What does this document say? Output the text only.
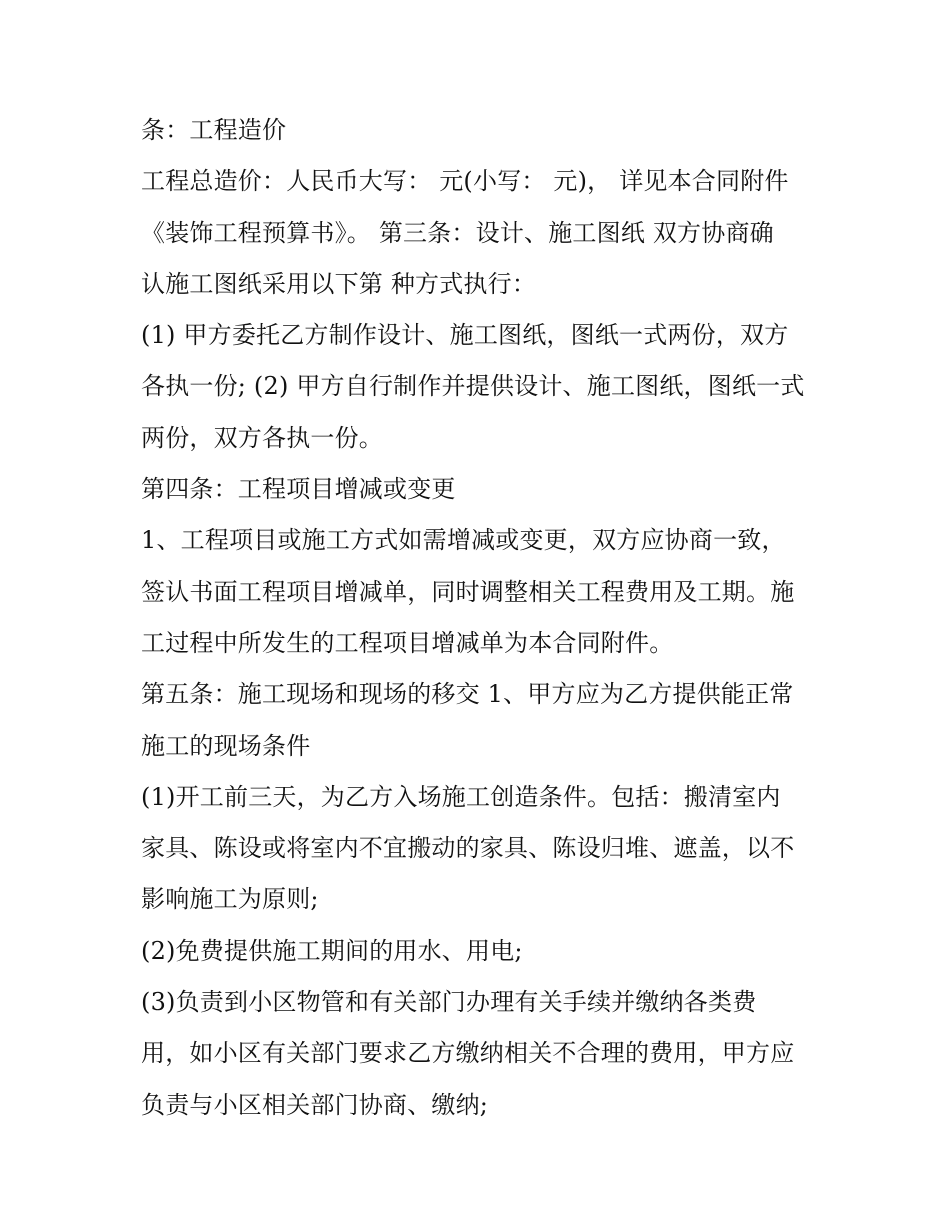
条：工程造价
工程总造价：人民币大写： 元(小写： 元)， 详见本合同附件
《装饰工程预算书》。 第三条：设计、施工图纸 双方协商确
认施工图纸采用以下第 种方式执行：
(1) 甲方委托乙方制作设计、施工图纸，图纸一式两份，双方
各执一份; (2) 甲方自行制作并提供设计、施工图纸，图纸一式
两份，双方各执一份。
第四条：工程项目增减或变更
1、工程项目或施工方式如需增减或变更，双方应协商一致，
签认书面工程项目增减单，同时调整相关工程费用及工期。施
工过程中所发生的工程项目增减单为本合同附件。
第五条：施工现场和现场的移交 1、甲方应为乙方提供能正常
施工的现场条件
(1)开工前三天，为乙方入场施工创造条件。包括：搬清室内
家具、陈设或将室内不宜搬动的家具、陈设归堆、遮盖，以不
影响施工为原则;
(2)免费提供施工期间的用水、用电;
(3)负责到小区物管和有关部门办理有关手续并缴纳各类费
用，如小区有关部门要求乙方缴纳相关不合理的费用，甲方应
负责与小区相关部门协商、缴纳;
